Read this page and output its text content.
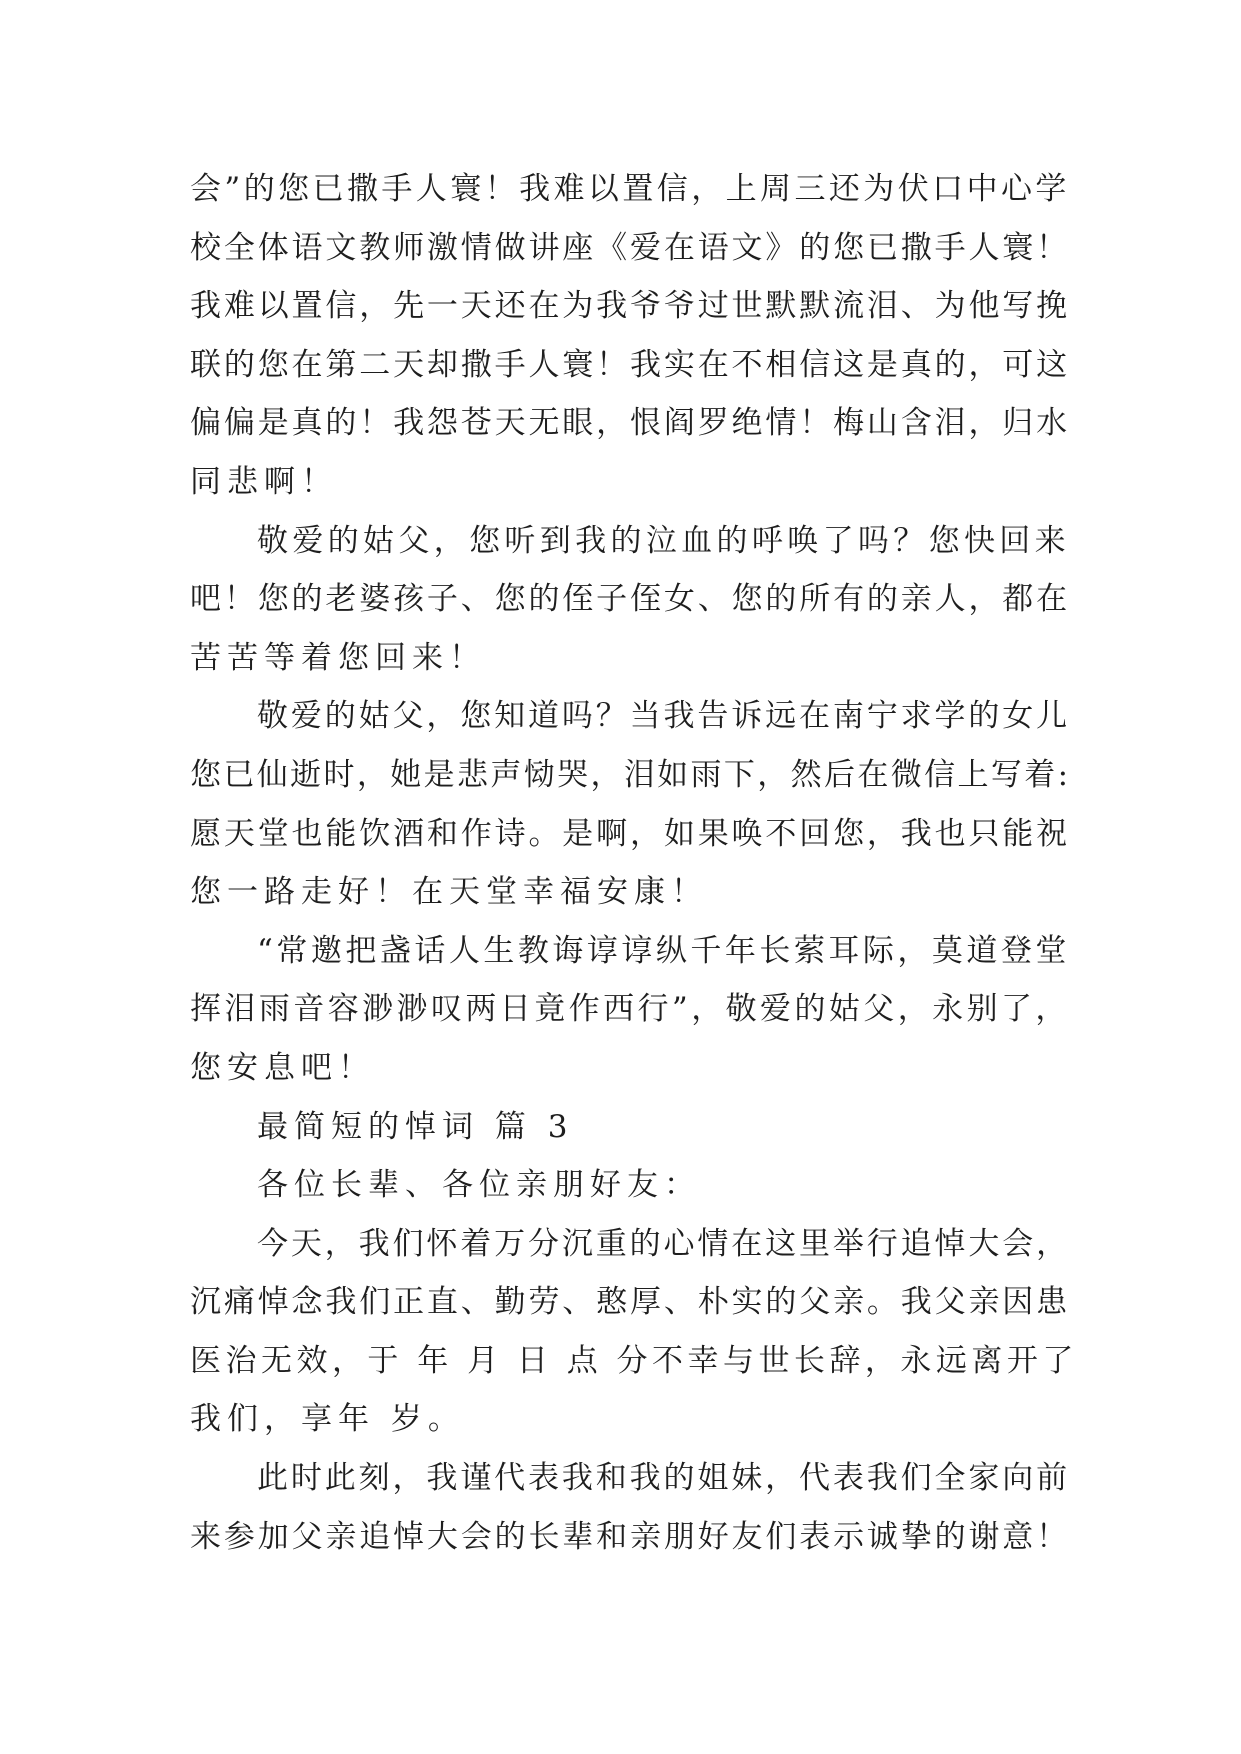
会”的您已撒手人寰！我难以置信，上周三还为伏口中心学
校全体语文教师激情做讲座《爱在语文》的您已撒手人寰！
我难以置信，先一天还在为我爷爷过世默默流泪、为他写挽
联的您在第二天却撒手人寰！我实在不相信这是真的，可这
偏偏是真的！我怨苍天无眼，恨阎罗绝情！梅山含泪，归水
同悲啊！
敬爱的姑父，您听到我的泣血的呼唤了吗？您快回来
吧！您的老婆孩子、您的侄子侄女、您的所有的亲人，都在
苦苦等着您回来！
敬爱的姑父，您知道吗？当我告诉远在南宁求学的女儿
您已仙逝时，她是悲声恸哭，泪如雨下，然后在微信上写着:
愿天堂也能饮酒和作诗。是啊，如果唤不回您，我也只能祝
您一路走好！在天堂幸福安康！
“常邀把盏话人生教诲谆谆纵千年长萦耳际，莫道登堂
挥泪雨音容渺渺叹两日竟作西行”，敬爱的姑父，永别了，
您安息吧！
最简短的悼词 篇 3
各位长辈、各位亲朋好友：
今天，我们怀着万分沉重的心情在这里举行追悼大会，
沉痛悼念我们正直、勤劳、憨厚、朴实的父亲。我父亲因患
医治无效，于 年 月 日 点 分不幸与世长辞，永远离开了
我们，享年 岁。
此时此刻，我谨代表我和我的姐妹，代表我们全家向前
来参加父亲追悼大会的长辈和亲朋好友们表示诚挚的谢意！
